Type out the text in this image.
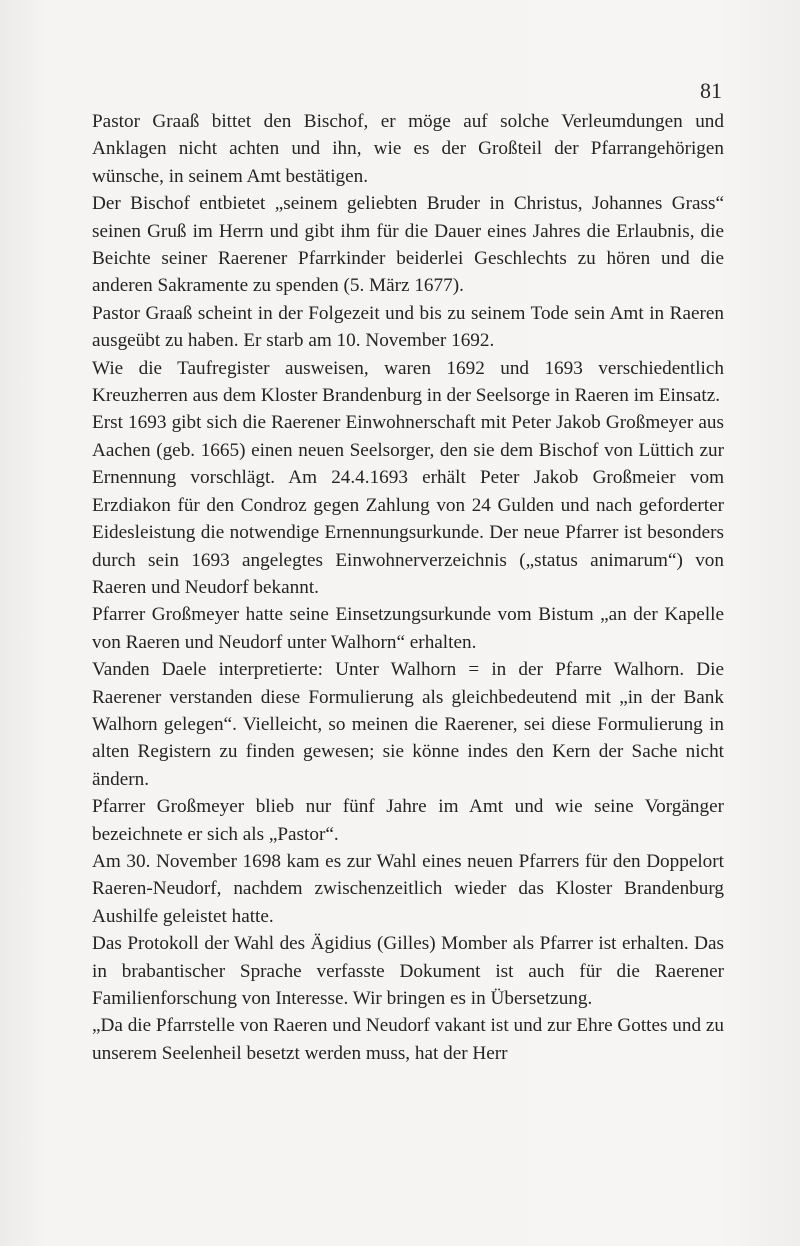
81

Pastor Graaß bittet den Bischof, er möge auf solche Verleumdungen und Anklagen nicht achten und ihn, wie es der Großteil der Pfarrangehörigen wünsche, in seinem Amt bestätigen.

Der Bischof entbietet „seinem geliebten Bruder in Christus, Johannes Grass“ seinen Gruß im Herrn und gibt ihm für die Dauer eines Jahres die Erlaubnis, die Beichte seiner Raerener Pfarrkinder beiderlei Geschlechts zu hören und die anderen Sakramente zu spenden (5. März 1677).

Pastor Graaß scheint in der Folgezeit und bis zu seinem Tode sein Amt in Raeren ausgeübt zu haben. Er starb am 10. November 1692.

Wie die Taufregister ausweisen, waren 1692 und 1693 verschiedentlich Kreuzherren aus dem Kloster Brandenburg in der Seelsorge in Raeren im Einsatz.

Erst 1693 gibt sich die Raerener Einwohnerschaft mit Peter Jakob Großmeyer aus Aachen (geb. 1665) einen neuen Seelsorger, den sie dem Bischof von Lüttich zur Ernennung vorschlägt. Am 24.4.1693 erhält Peter Jakob Großmeier vom Erzdiakon für den Condroz gegen Zahlung von 24 Gulden und nach geforderter Eidesleistung die notwendige Ernennungsurkunde. Der neue Pfarrer ist besonders durch sein 1693 angelegtes Einwohnerverzeichnis („status animarum“) von Raeren und Neudorf bekannt.

Pfarrer Großmeyer hatte seine Einsetzungsurkunde vom Bistum „an der Kapelle von Raeren und Neudorf unter Walhorn“ erhalten.

Vanden Daele interpretierte: Unter Walhorn = in der Pfarre Walhorn. Die Raerener verstanden diese Formulierung als gleichbedeutend mit „in der Bank Walhorn gelegen“. Vielleicht, so meinen die Raerener, sei diese Formulierung in alten Registern zu finden gewesen; sie könne indes den Kern der Sache nicht ändern.

Pfarrer Großmeyer blieb nur fünf Jahre im Amt und wie seine Vorgänger bezeichnete er sich als „Pastor“.

Am 30. November 1698 kam es zur Wahl eines neuen Pfarrers für den Doppelort Raeren-Neudorf, nachdem zwischenzeitlich wieder das Kloster Brandenburg Aushilfe geleistet hatte.

Das Protokoll der Wahl des Ägidius (Gilles) Momber als Pfarrer ist erhalten. Das in brabantischer Sprache verfasste Dokument ist auch für die Raerener Familienforschung von Interesse. Wir bringen es in Übersetzung.

„Da die Pfarrstelle von Raeren und Neudorf vakant ist und zur Ehre Gottes und zu unserem Seelenheil besetzt werden muss, hat der Herr
